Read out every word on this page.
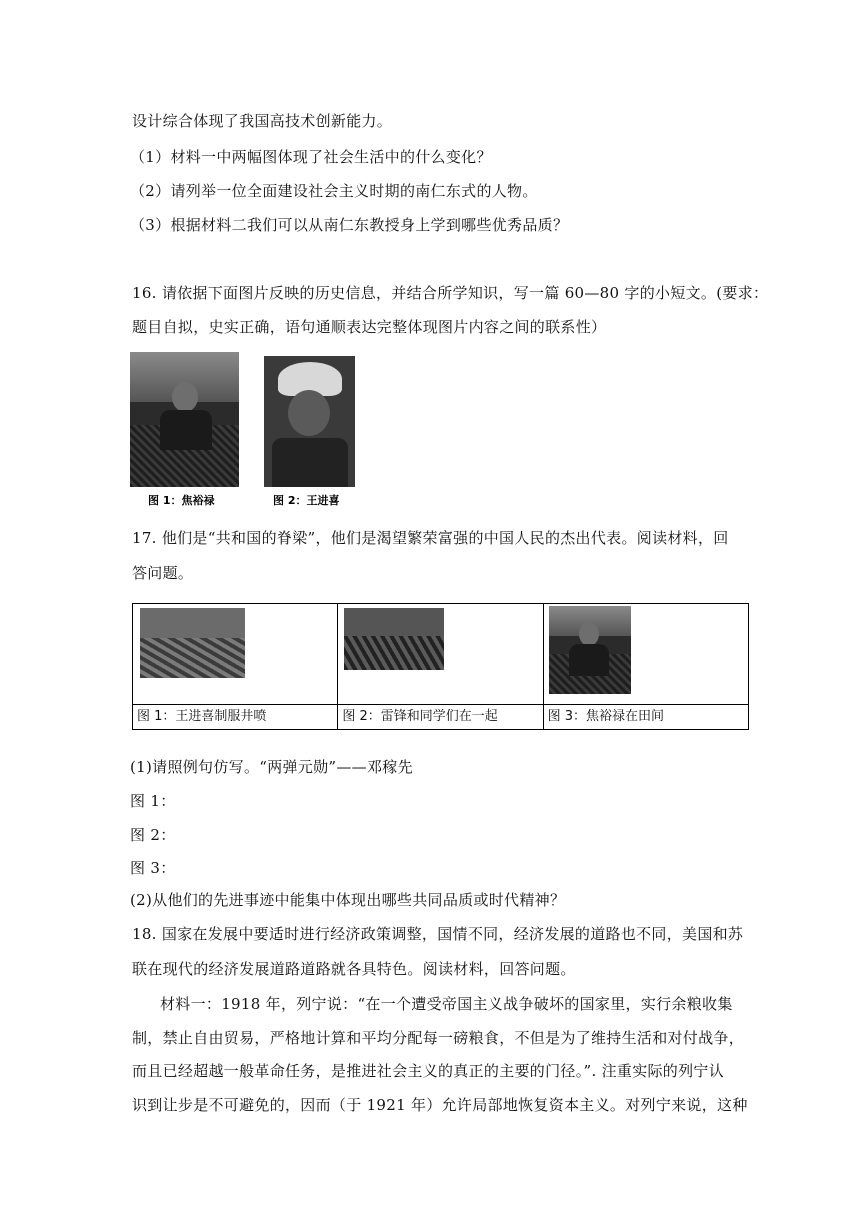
设计综合体现了我国高技术创新能力。
（1）材料一中两幅图体现了社会生活中的什么变化？
（2）请列举一位全面建设社会主义时期的南仁东式的人物。
（3）根据材料二我们可以从南仁东教授身上学到哪些优秀品质？
16. 请依据下面图片反映的历史信息，并结合所学知识，写一篇 60—80 字的小短文。(要求：
题目自拟，史实正确，语句通顺表达完整体现图片内容之间的联系性）
图 1：焦裕禄	图 2：王进喜
17. 他们是“共和国的脊梁”，他们是渴望繁荣富强的中国人民的杰出代表。阅读材料，回
答问题。

图 1：王进喜制服井喷	图 2：雷锋和同学们在一起	图 3：焦裕禄在田间
(1)请照例句仿写。“两弹元勋”——邓稼先
图 1：
图 2：
图 3：
(2)从他们的先进事迹中能集中体现出哪些共同品质或时代精神？
18. 国家在发展中要适时进行经济政策调整，国情不同，经济发展的道路也不同，美国和苏
联在现代的经济发展道路道路就各具特色。阅读材料，回答问题。
材料一：1918 年，列宁说：“在一个遭受帝国主义战争破坏的国家里，实行余粮收集
制，禁止自由贸易，严格地计算和平均分配每一磅粮食，不但是为了维持生活和对付战争，
而且已经超越一般革命任务，是推进社会主义的真正的主要的门径。”. 注重实际的列宁认
识到让步是不可避免的，因而（于 1921 年）允许局部地恢复资本主义。对列宁来说，这种
